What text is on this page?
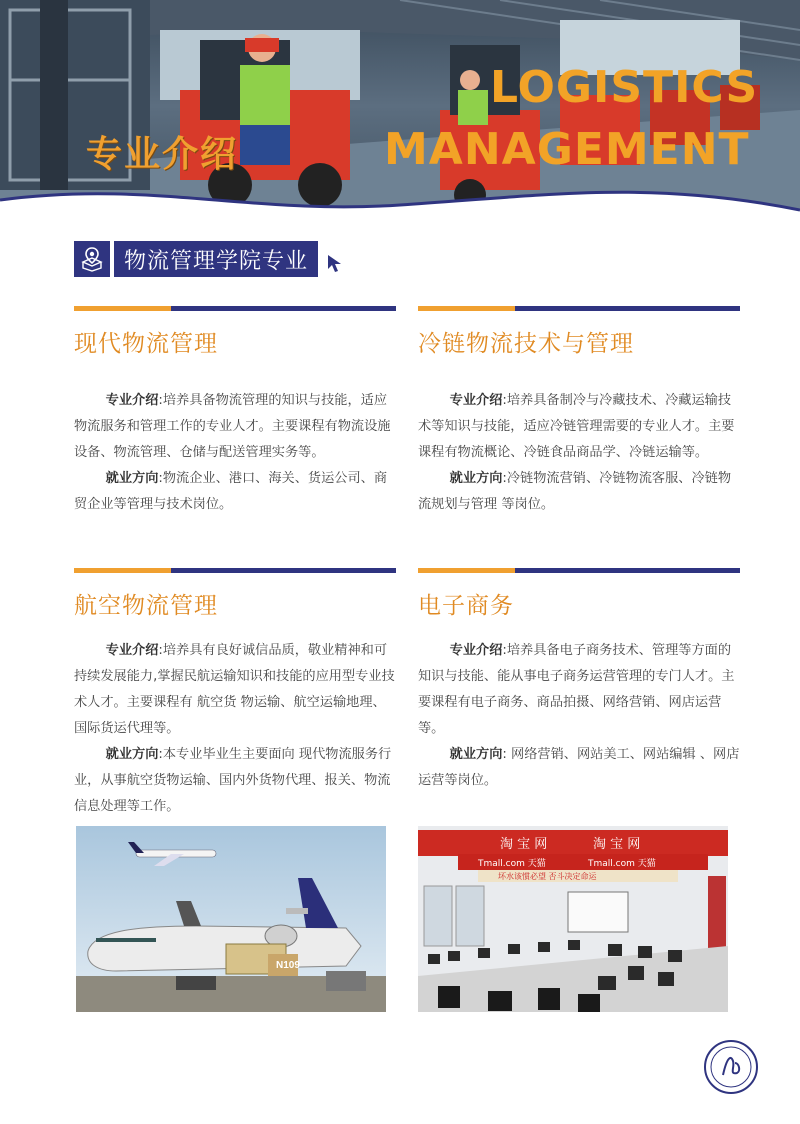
专业介绍
LOGISTICS
MANAGEMENT
物流管理学院专业
现代物流管理

专业介绍:培养具备物流管理的知识与技能，适应物流服务和管理工作的专业人才。主要课程有物流设施设备、物流管理、仓储与配送管理实务等。

就业方向:物流企业、港口、海关、货运公司、商贸企业等管理与技术岗位。

冷链物流技术与管理

专业介绍:培养具备制冷与冷藏技术、冷藏运输技术等知识与技能，适应冷链管理需要的专业人才。主要课程有物流概论、冷链食品商品学、冷链运输等。

就业方向:冷链物流营销、冷链物流客服、冷链物流规划与管理 等岗位。

航空物流管理

专业介绍:培养具有良好诚信品质，敬业精神和可持续发展能力,掌握民航运输知识和技能的应用型专业技术人才。主要课程有 航空货 物运输、航空运输地理、国际货运代理等。

就业方向:本专业毕业生主要面向 现代物流服务行业，从事航空货物运输、国内外货物代理、报关、物流信息处理等工作。

电子商务

专业介绍:培养具备电子商务技术、管理等方面的知识与技能、能从事电子商务运营管理的专门人才。主要课程有电子商务、商品拍摄、网络营销、网店运营等。

就业方向: 网络营销、网站美工、网站编辑 、网店运营等岗位。

N109
淘 宝 网	淘 宝 网
Tmall.com 天猫	Tmall.com 天猫
坏水该惯必望 否斗决定命运
